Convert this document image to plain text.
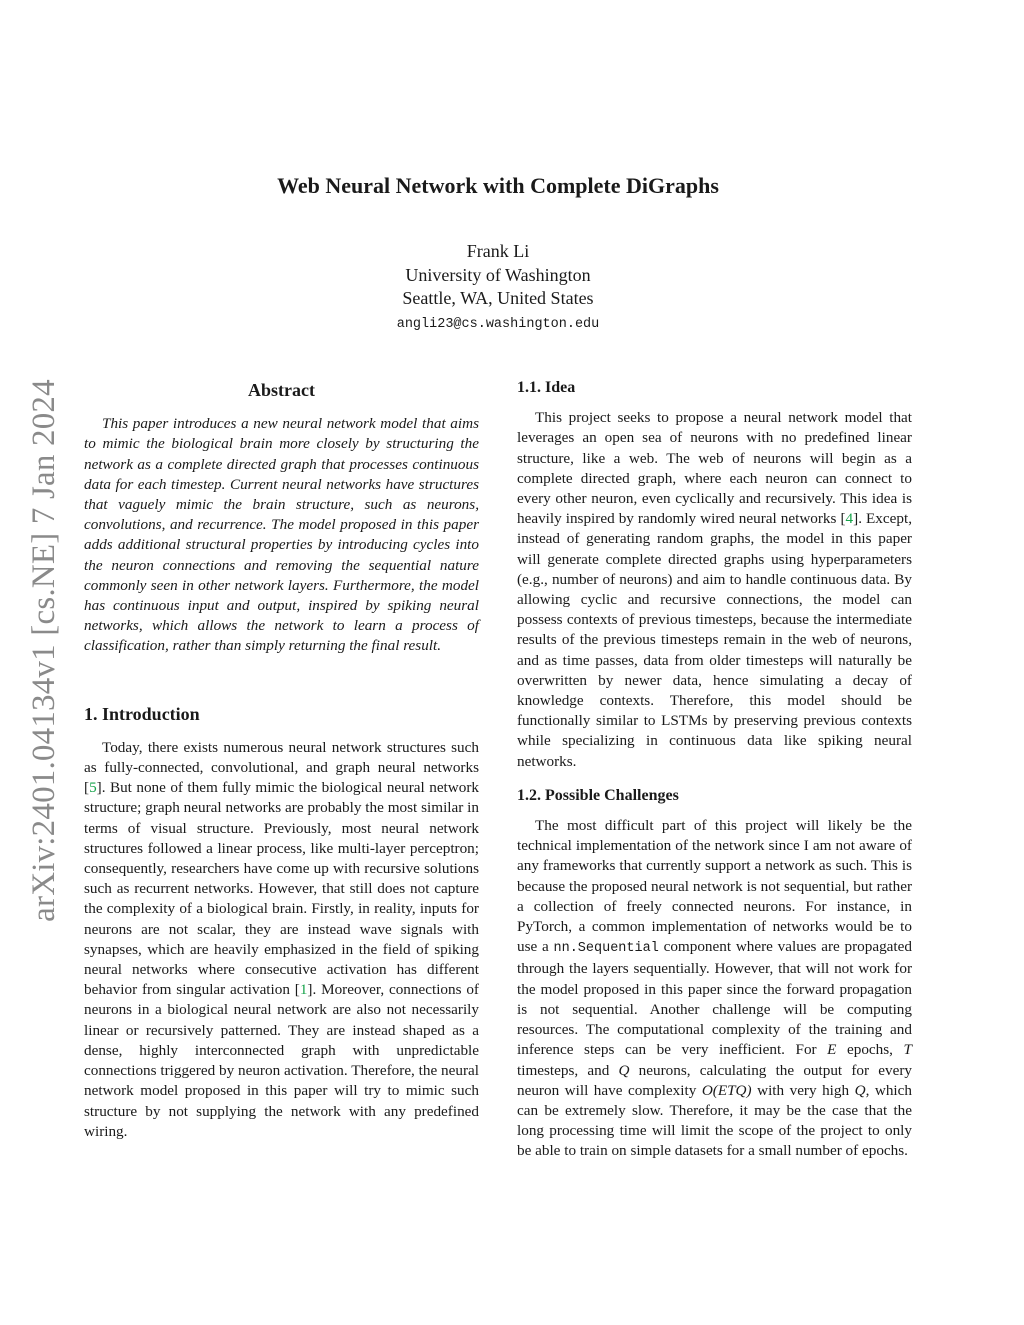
arXiv:2401.04134v1 [cs.NE] 7 Jan 2024
Web Neural Network with Complete DiGraphs
Frank Li
University of Washington
Seattle, WA, United States
angli23@cs.washington.edu
Abstract

This paper introduces a new neural network model that aims to mimic the biological brain more closely by structuring the network as a complete directed graph that processes continuous data for each timestep. Current neural networks have structures that vaguely mimic the brain structure, such as neurons, convolutions, and recurrence. The model proposed in this paper adds additional structural properties by introducing cycles into the neuron connections and removing the sequential nature commonly seen in other network layers. Furthermore, the model has continuous input and output, inspired by spiking neural networks, which allows the network to learn a process of classification, rather than simply returning the final result.

1. Introduction

Today, there exists numerous neural network structures such as fully-connected, convolutional, and graph neural networks [5]. But none of them fully mimic the biological neural network structure; graph neural networks are probably the most similar in terms of visual structure. Previously, most neural network structures followed a linear process, like multi-layer perceptron; consequently, researchers have come up with recursive solutions such as recurrent networks. However, that still does not capture the complexity of a biological brain. Firstly, in reality, inputs for neurons are not scalar, they are instead wave signals with synapses, which are heavily emphasized in the field of spiking neural networks where consecutive activation has different behavior from singular activation [1]. Moreover, connections of neurons in a biological neural network are also not necessarily linear or recursively patterned. They are instead shaped as a dense, highly interconnected graph with unpredictable connections triggered by neuron activation. Therefore, the neural network model proposed in this paper will try to mimic such structure by not supplying the network with any predefined wiring.

1.1. Idea

This project seeks to propose a neural network model that leverages an open sea of neurons with no predefined linear structure, like a web. The web of neurons will begin as a complete directed graph, where each neuron can connect to every other neuron, even cyclically and recursively. This idea is heavily inspired by randomly wired neural networks [4]. Except, instead of generating random graphs, the model in this paper will generate complete directed graphs using hyperparameters (e.g., number of neurons) and aim to handle continuous data. By allowing cyclic and recursive connections, the model can possess contexts of previous timesteps, because the intermediate results of the previous timesteps remain in the web of neurons, and as time passes, data from older timesteps will naturally be overwritten by newer data, hence simulating a decay of knowledge contexts. Therefore, this model should be functionally similar to LSTMs by preserving previous contexts while specializing in continuous data like spiking neural networks.

1.2. Possible Challenges

The most difficult part of this project will likely be the technical implementation of the network since I am not aware of any frameworks that currently support a network as such. This is because the proposed neural network is not sequential, but rather a collection of freely connected neurons. For instance, in PyTorch, a common implementation of networks would be to use a nn.Sequential component where values are propagated through the layers sequentially. However, that will not work for the model proposed in this paper since the forward propagation is not sequential. Another challenge will be computing resources. The computational complexity of the training and inference steps can be very inefficient. For E epochs, T timesteps, and Q neurons, calculating the output for every neuron will have complexity O(ETQ) with very high Q, which can be extremely slow. Therefore, it may be the case that the long processing time will limit the scope of the project to only be able to train on simple datasets for a small number of epochs.
